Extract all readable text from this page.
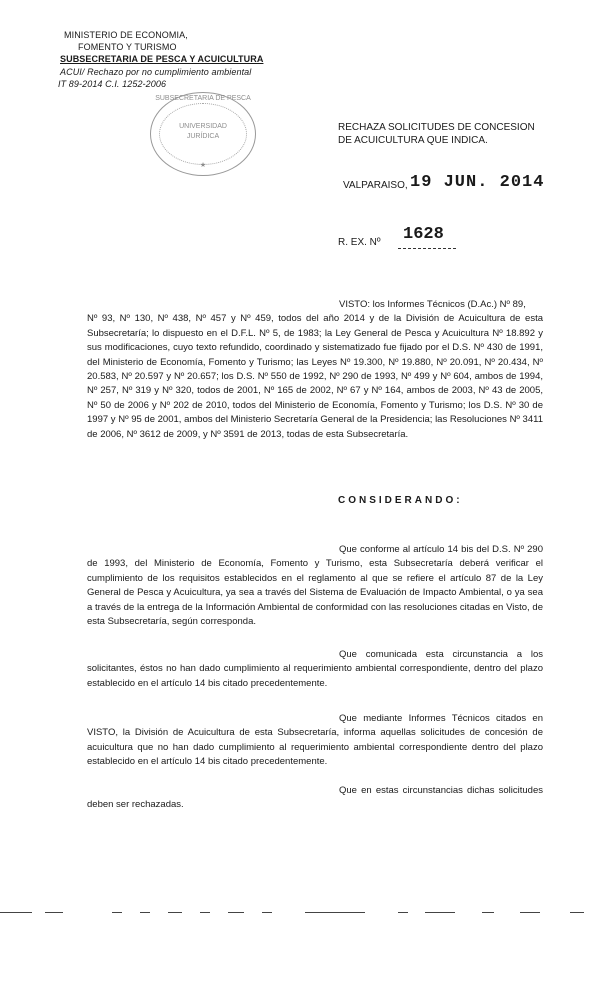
MINISTERIO DE ECONOMIA,
FOMENTO Y TURISMO
SUBSECRETARIA DE PESCA Y ACUICULTURA
ACUI/ Rechazo por no cumplimiento ambiental
IT 89-2014 C.I. 1252-2006
SUBSECRETARIA DE PESCA
UNIVERSIDAD
JURÍDICA
★
RECHAZA SOLICITUDES DE CONCESION DE ACUICULTURA QUE INDICA.
VALPARAISO, 19 JUN. 2014
R. EX. Nº 1628
VISTO: los Informes Técnicos (D.Ac.) Nº 89,
Nº 93, Nº 130, Nº 438, Nº 457 y Nº 459, todos del año 2014 y de la División de Acuicultura de esta Subsecretaría; lo dispuesto en el D.F.L. Nº 5, de 1983; la Ley General de Pesca y Acuicultura Nº 18.892 y sus modificaciones, cuyo texto refundido, coordinado y sistematizado fue fijado por el D.S. Nº 430 de 1991, del Ministerio de Economía, Fomento y Turismo; las Leyes Nº 19.300, Nº 19.880, Nº 20.091, Nº 20.434, Nº 20.583, Nº 20.597 y Nº 20.657; los D.S. Nº 550 de 1992, Nº 290 de 1993, Nº 499 y Nº 604, ambos de 1994, Nº 257, Nº 319 y Nº 320, todos de 2001, Nº 165 de 2002, Nº 67 y Nº 164, ambos de 2003, Nº 43 de 2005, Nº 50 de 2006 y Nº 202 de 2010, todos del Ministerio de Economía, Fomento y Turismo; los D.S. Nº 30 de 1997 y Nº 95 de 2001, ambos del Ministerio Secretaría General de la Presidencia; las Resoluciones Nº 3411 de 2006, Nº 3612 de 2009, y Nº 3591 de 2013, todas de esta Subsecretaría.
CONSIDERANDO:
Que conforme al artículo 14 bis del D.S. Nº 290 de 1993, del Ministerio de Economía, Fomento y Turismo, esta Subsecretaría deberá verificar el cumplimiento de los requisitos establecidos en el reglamento al que se refiere el artículo 87 de la Ley General de Pesca y Acuicultura, ya sea a través del Sistema de Evaluación de Impacto Ambiental, o ya sea a través de la entrega de la Información Ambiental de conformidad con las resoluciones citadas en Visto, de esta Subsecretaría, según corresponda.
Que comunicada esta circunstancia a los solicitantes, éstos no han dado cumplimiento al requerimiento ambiental correspondiente, dentro del plazo establecido en el artículo 14 bis citado precedentemente.
Que mediante Informes Técnicos citados en VISTO, la División de Acuicultura de esta Subsecretaría, informa aquellas solicitudes de concesión de acuicultura que no han dado cumplimiento al requerimiento ambiental correspondiente dentro del plazo establecido en el artículo 14 bis citado precedentemente.
Que en estas circunstancias dichas solicitudes deben ser rechazadas.
